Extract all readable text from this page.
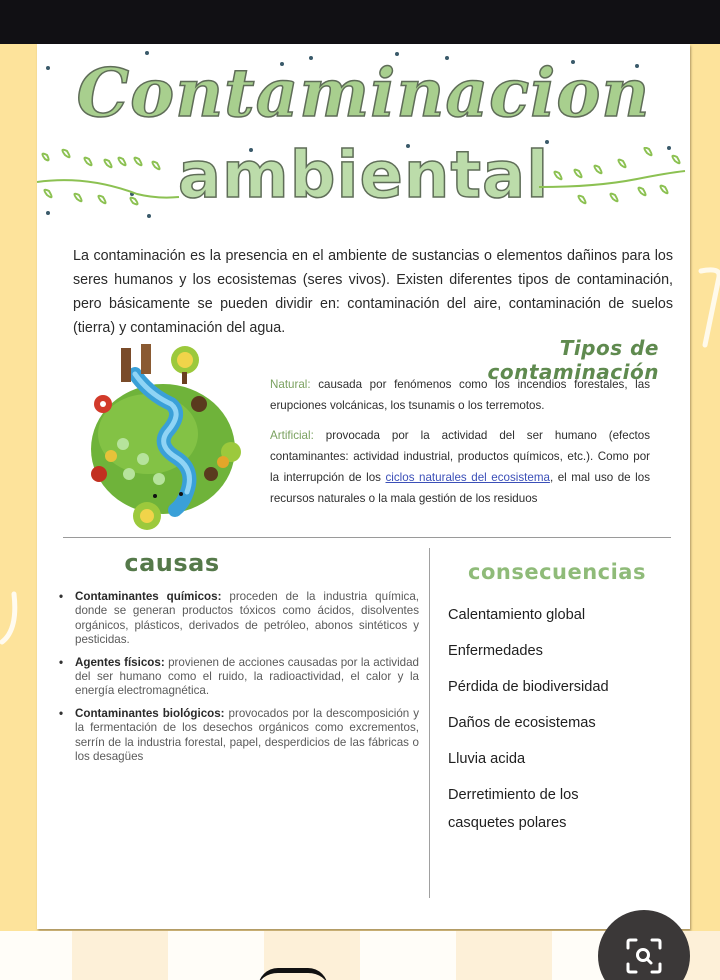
Contaminacion
ambiental

La contaminación es la presencia en el ambiente de sustancias o elementos dañinos para los seres humanos y los ecosistemas (seres vivos). Existen diferentes tipos de contaminación, pero básicamente se pueden dividir en: contaminación del aire, contaminación de suelos (tierra) y contaminación del agua.

Tipos de contaminación

Natural: causada por fenómenos como los incendios forestales, las erupciones volcánicas, los tsunamis o los terremotos.

Artificial: provocada por la actividad del ser humano (efectos contaminantes: actividad industrial, productos químicos, etc.). Como por la interrupción de los ciclos naturales del ecosistema, el mal uso de los recursos naturales o la mala gestión de los residuos

causas	consecuencias
• Contaminantes químicos: proceden de la industria química, donde se generan productos tóxicos como ácidos, disolventes orgánicos, plásticos, derivados de petróleo, abonos sintéticos y pesticidas.
• Agentes físicos: provienen de acciones causadas por la actividad del ser humano como el ruido, la radioactividad, el calor y la energía electromagnética.
• Contaminantes biológicos: provocados por la descomposición y la fermentación de los desechos orgánicos como excrementos, serrín de la industria forestal, papel, desperdicios de las fábricas o los desagües
Calentamiento global
Enfermedades
Pérdida de biodiversidad
Daños de ecosistemas
Lluvia acida
Derretimiento de los casquetes polares
